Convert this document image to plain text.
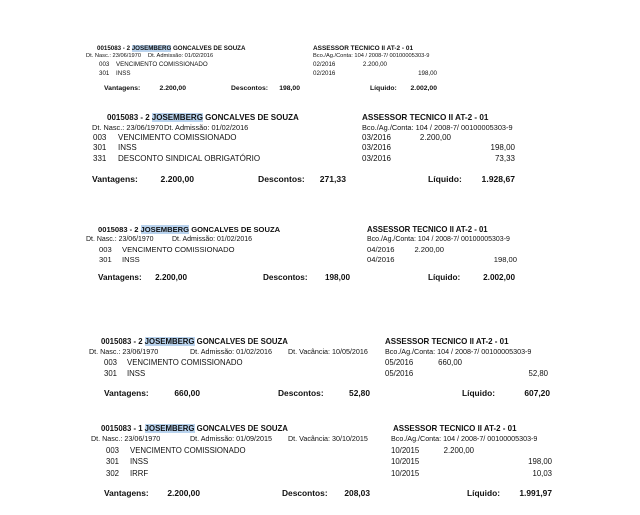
0015083 - 2 JOSEMBERG GONCALVES DE SOUZA	ASSESSOR TECNICO II AT-2 - 01
Dt. Nasc.: 23/06/1970 Dt. Admissão: 01/02/2016	Bco./Ag./Conta: 104 / 2008-7/ 00100005303-9
003 VENCIMENTO COMISSIONADO	02/2016	2.200,00
301 INSS	02/2016	198,00
Vantagens:	2.200,00	Descontos:	198,00	Líquido:	2.002,00
0015083 - 2 JOSEMBERG GONCALVES DE SOUZA	ASSESSOR TECNICO II AT-2 - 01
Dt. Nasc.: 23/06/1970 Dt. Admissão: 01/02/2016	Bco./Ag./Conta: 104 / 2008-7/ 00100005303-9
003 VENCIMENTO COMISSIONADO	03/2016	2.200,00
301 INSS	03/2016	198,00
331 DESCONTO SINDICAL OBRIGATÓRIO	03/2016	73,33
Vantagens:	2.200,00	Descontos:	271,33	Líquido:	1.928,67
0015083 - 2 JOSEMBERG GONCALVES DE SOUZA	ASSESSOR TECNICO II AT-2 - 01
Dt. Nasc.: 23/06/1970	Dt. Admissão: 01/02/2016	Bco./Ag./Conta: 104 / 2008-7/ 00100005303-9
003 VENCIMENTO COMISSIONADO	04/2016	2.200,00
301 INSS	04/2016	198,00
Vantagens:	2.200,00	Descontos:	198,00	Líquido:	2.002,00
0015083 - 2 JOSEMBERG GONCALVES DE SOUZA	ASSESSOR TECNICO II AT-2 - 01
Dt. Nasc.: 23/06/1970	Dt. Admissão: 01/02/2016 Dt. Vacância: 10/05/2016 Bco./Ag./Conta: 104 / 2008-7/ 00100005303-9
003 VENCIMENTO COMISSIONADO	05/2016	660,00
301 INSS	05/2016	52,80
Vantagens:	660,00	Descontos:	52,80	Líquido:	607,20
0015083 - 1 JOSEMBERG GONCALVES DE SOUZA	ASSESSOR TECNICO II AT-2 - 01
Dt. Nasc.: 23/06/1970	Dt. Admissão: 01/09/2015 Dt. Vacância: 30/10/2015	Bco./Ag./Conta: 104 / 2008-7/ 00100005303-9
003 VENCIMENTO COMISSIONADO	10/2015	2.200,00
301 INSS	10/2015	198,00
302 IRRF	10/2015	10,03
Vantagens:	2.200,00	Descontos:	208,03	Líquido:	1.991,97
